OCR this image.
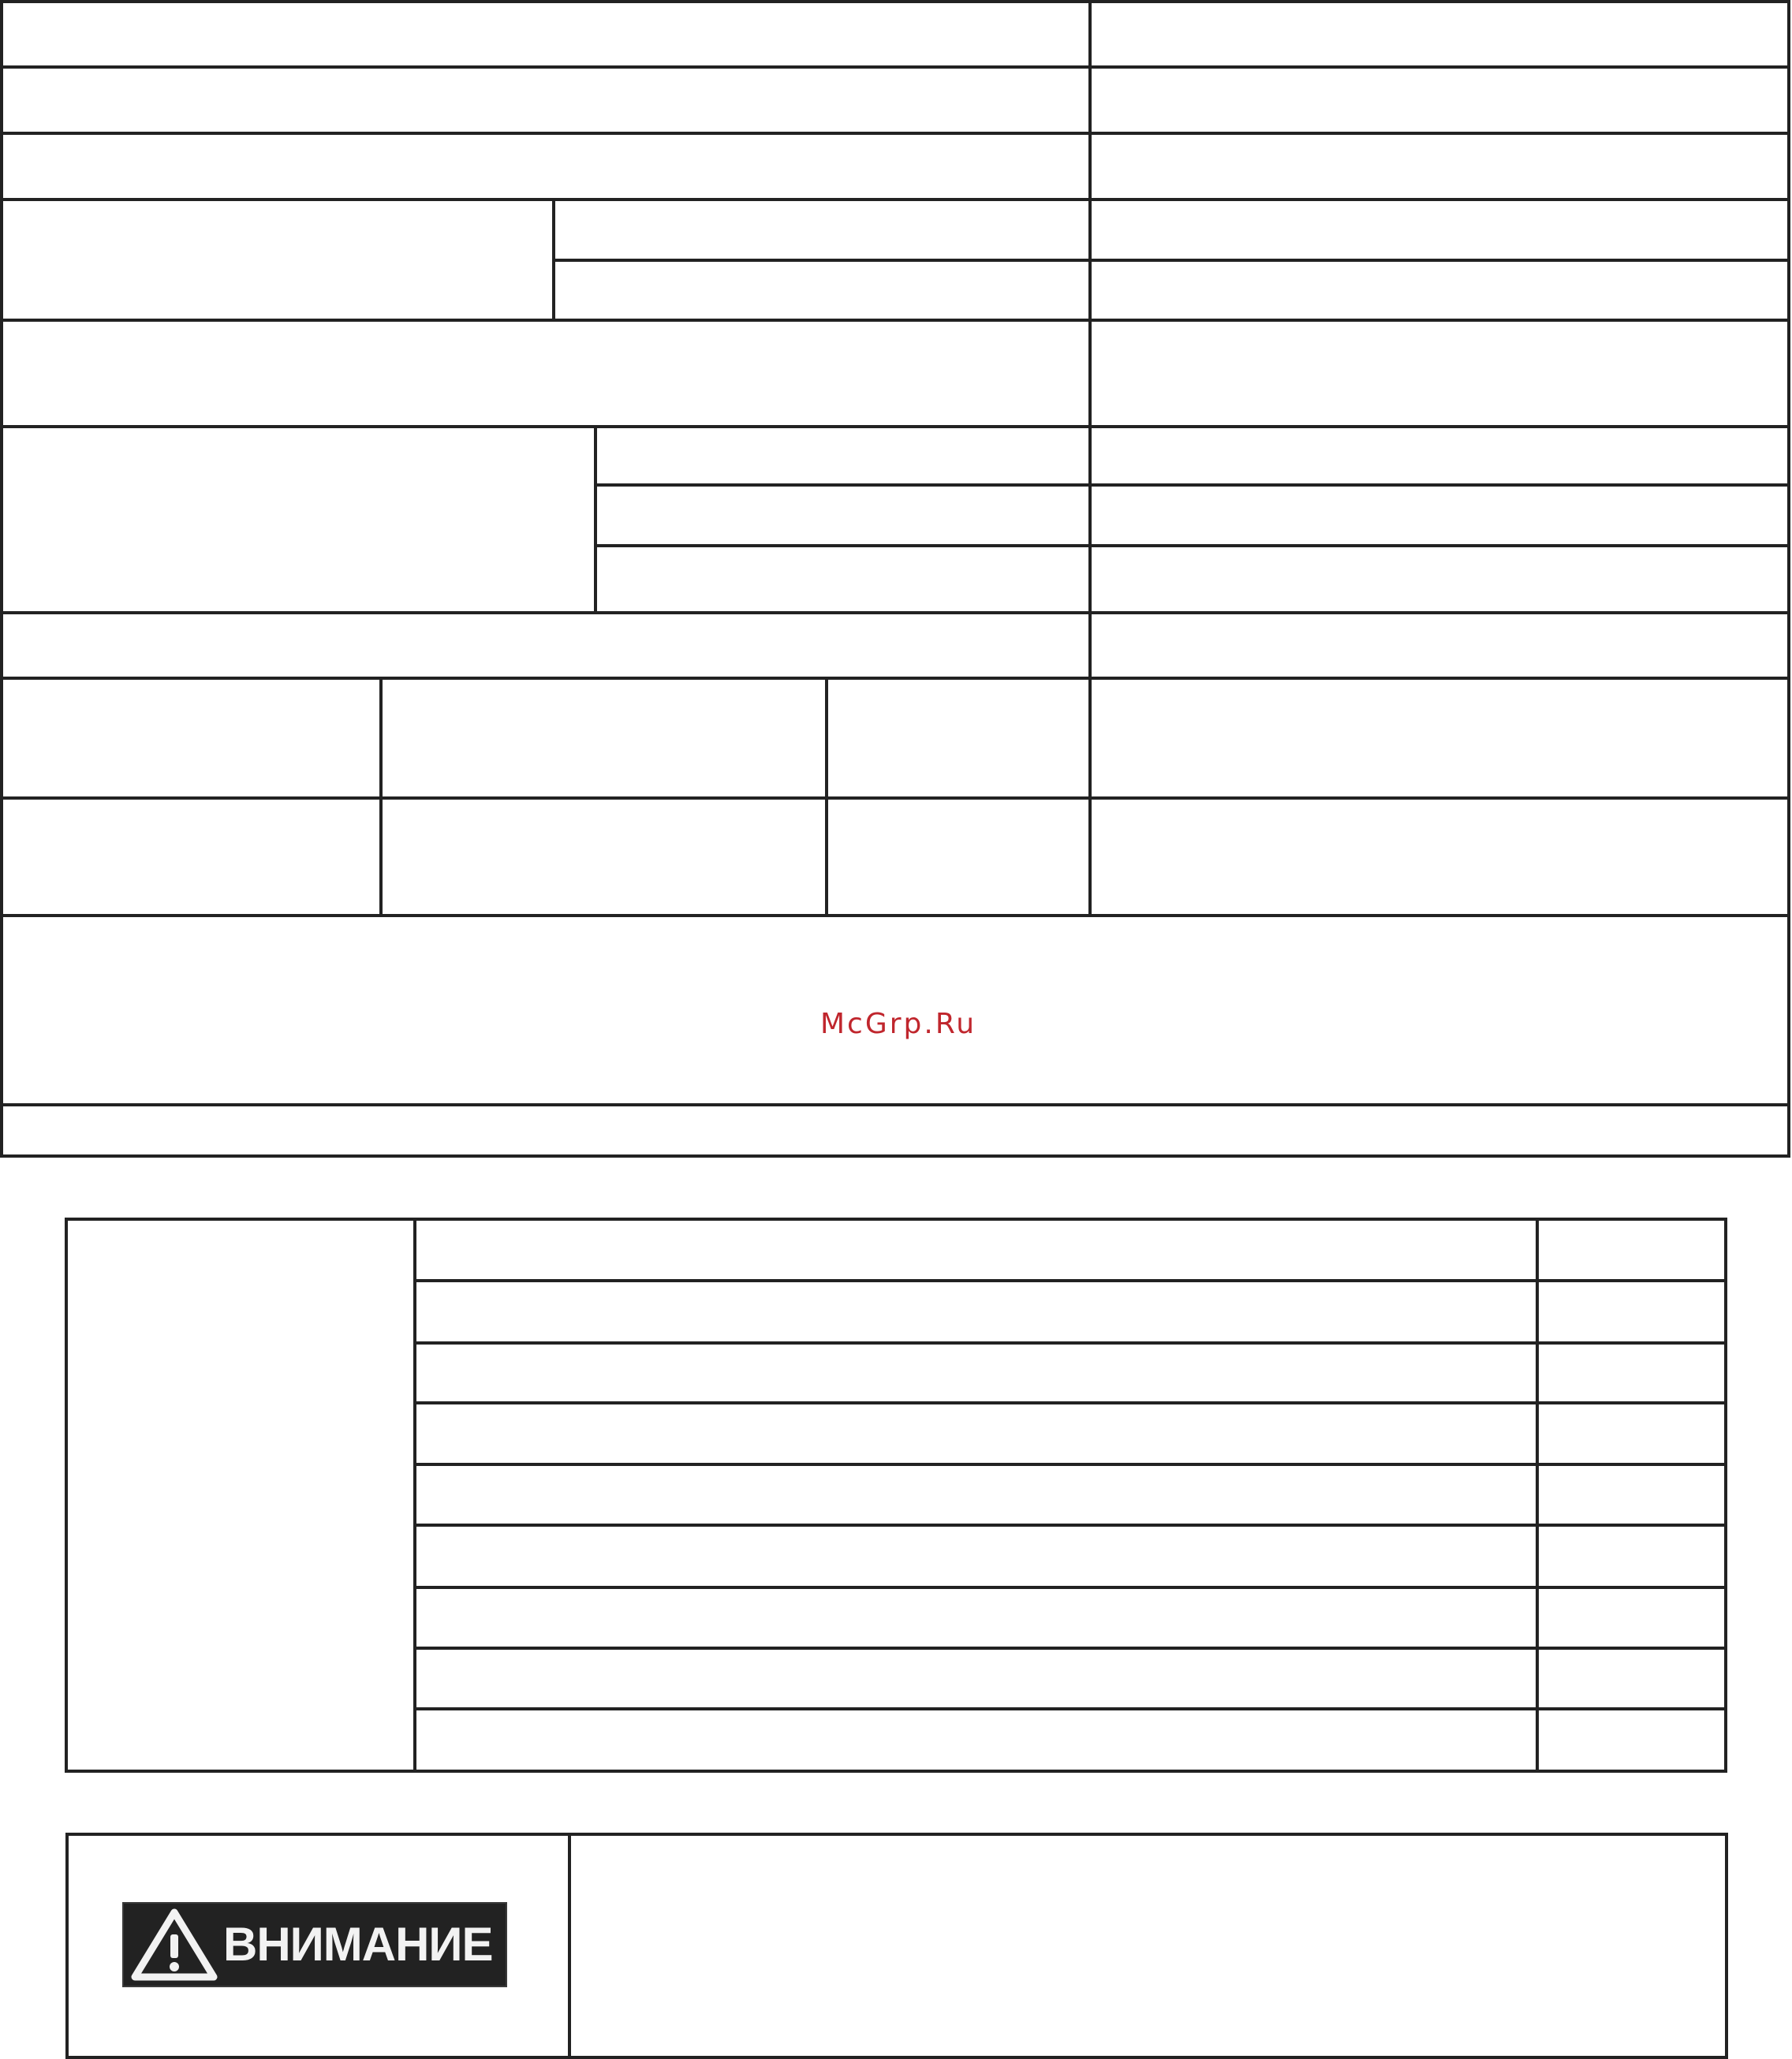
McGrp.Ru
ВНИМАНИЕ
